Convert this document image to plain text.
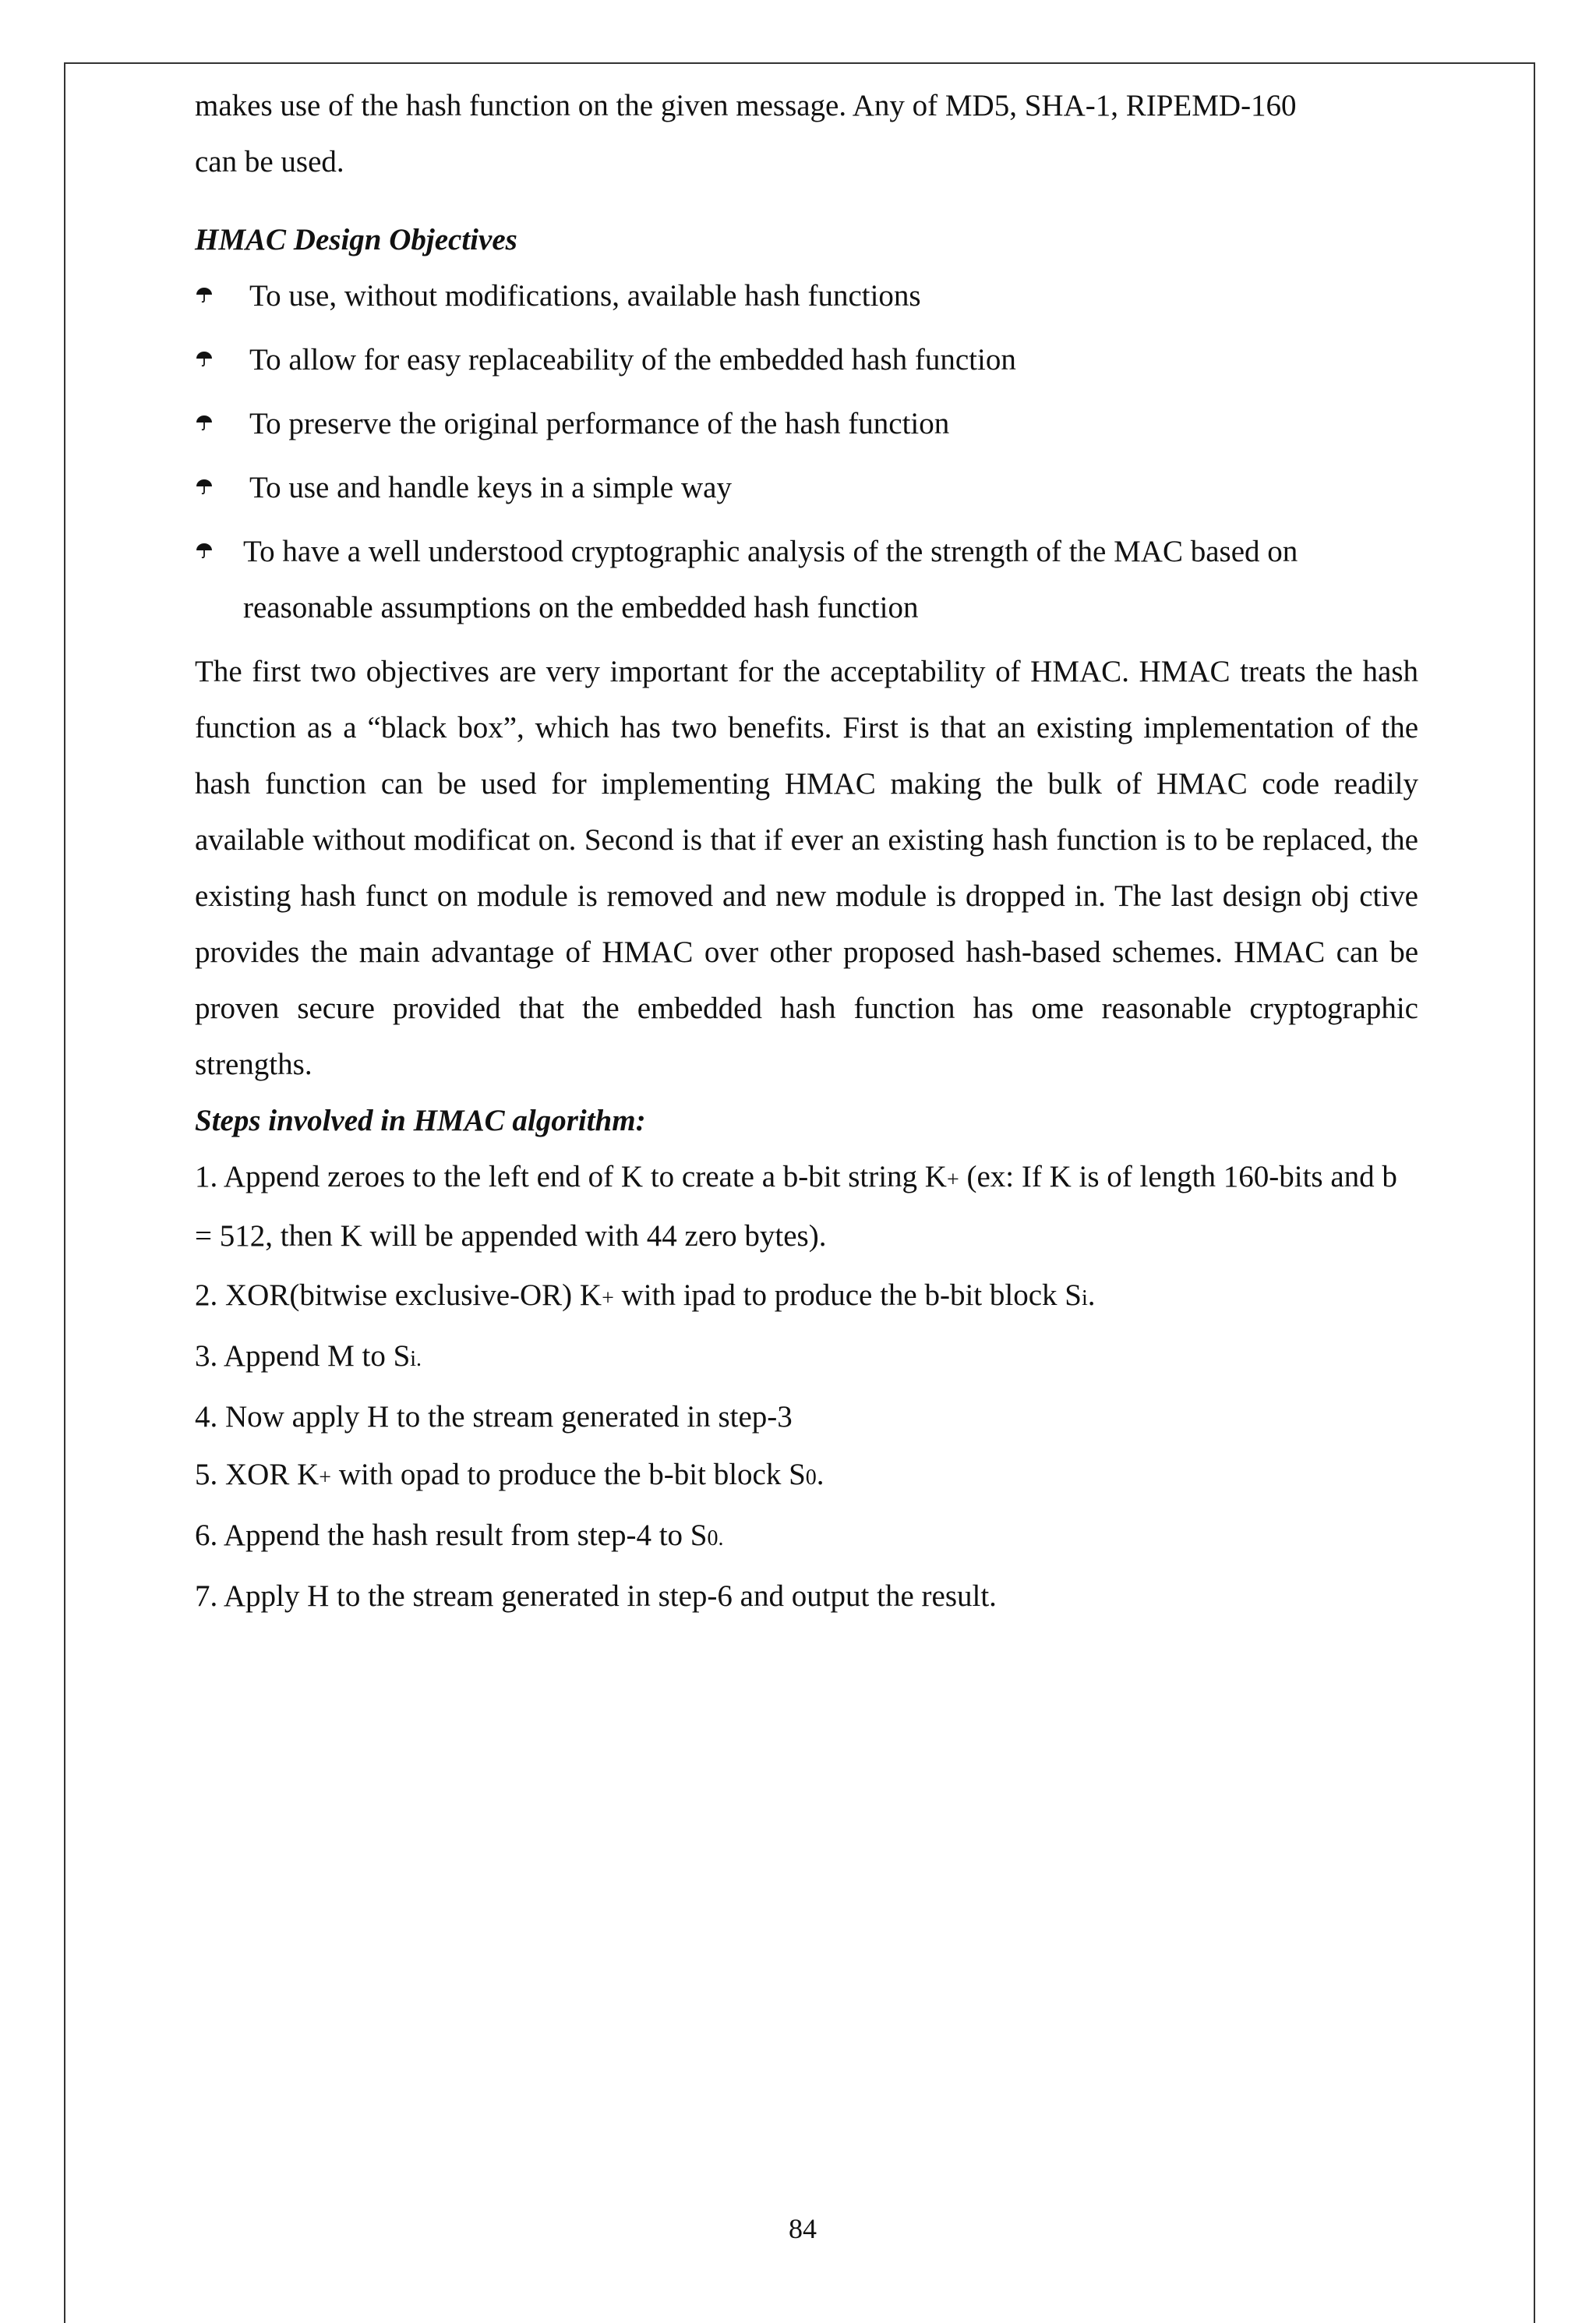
makes use of the hash function on the given message. Any of MD5, SHA-1, RIPEMD-160

can be used.

HMAC Design Objectives

To use, without modifications, available hash functions
To allow for easy replaceability of the embedded hash function
To preserve the original performance of the hash function
To use and handle keys in a simple way
To have a well understood cryptographic analysis of the strength of the MAC based on reasonable assumptions on the embedded hash function

The first two objectives are very important for the acceptability of HMAC. HMAC treats the hash function as a “black box”, which has two benefits. First is that an existing implementation of the hash function can be used for implementing HMAC making the bulk of HMAC code readily available without modificat on. Second is that if ever an existing hash function is to be replaced, the existing hash funct on module is removed and new module is dropped in. The last design obj ctive provides the main advantage of HMAC over other proposed hash-based schemes. HMAC can be proven secure provided that the embedded hash function has ome reasonable cryptographic strengths.

Steps involved in HMAC algorithm:

1. Append zeroes to the left end of K to create a b-bit string K+ (ex: If K is of length 160-bits and b = 512, then K will be appended with 44 zero bytes).
2. XOR(bitwise exclusive-OR) K+ with ipad to produce the b-bit block Si.
3. Append M to Si.
4. Now apply H to the stream generated in step-3
5. XOR K+ with opad to produce the b-bit block S0.
6. Append the hash result from step-4 to S0.
7. Apply H to the stream generated in step-6 and output the result.
84
